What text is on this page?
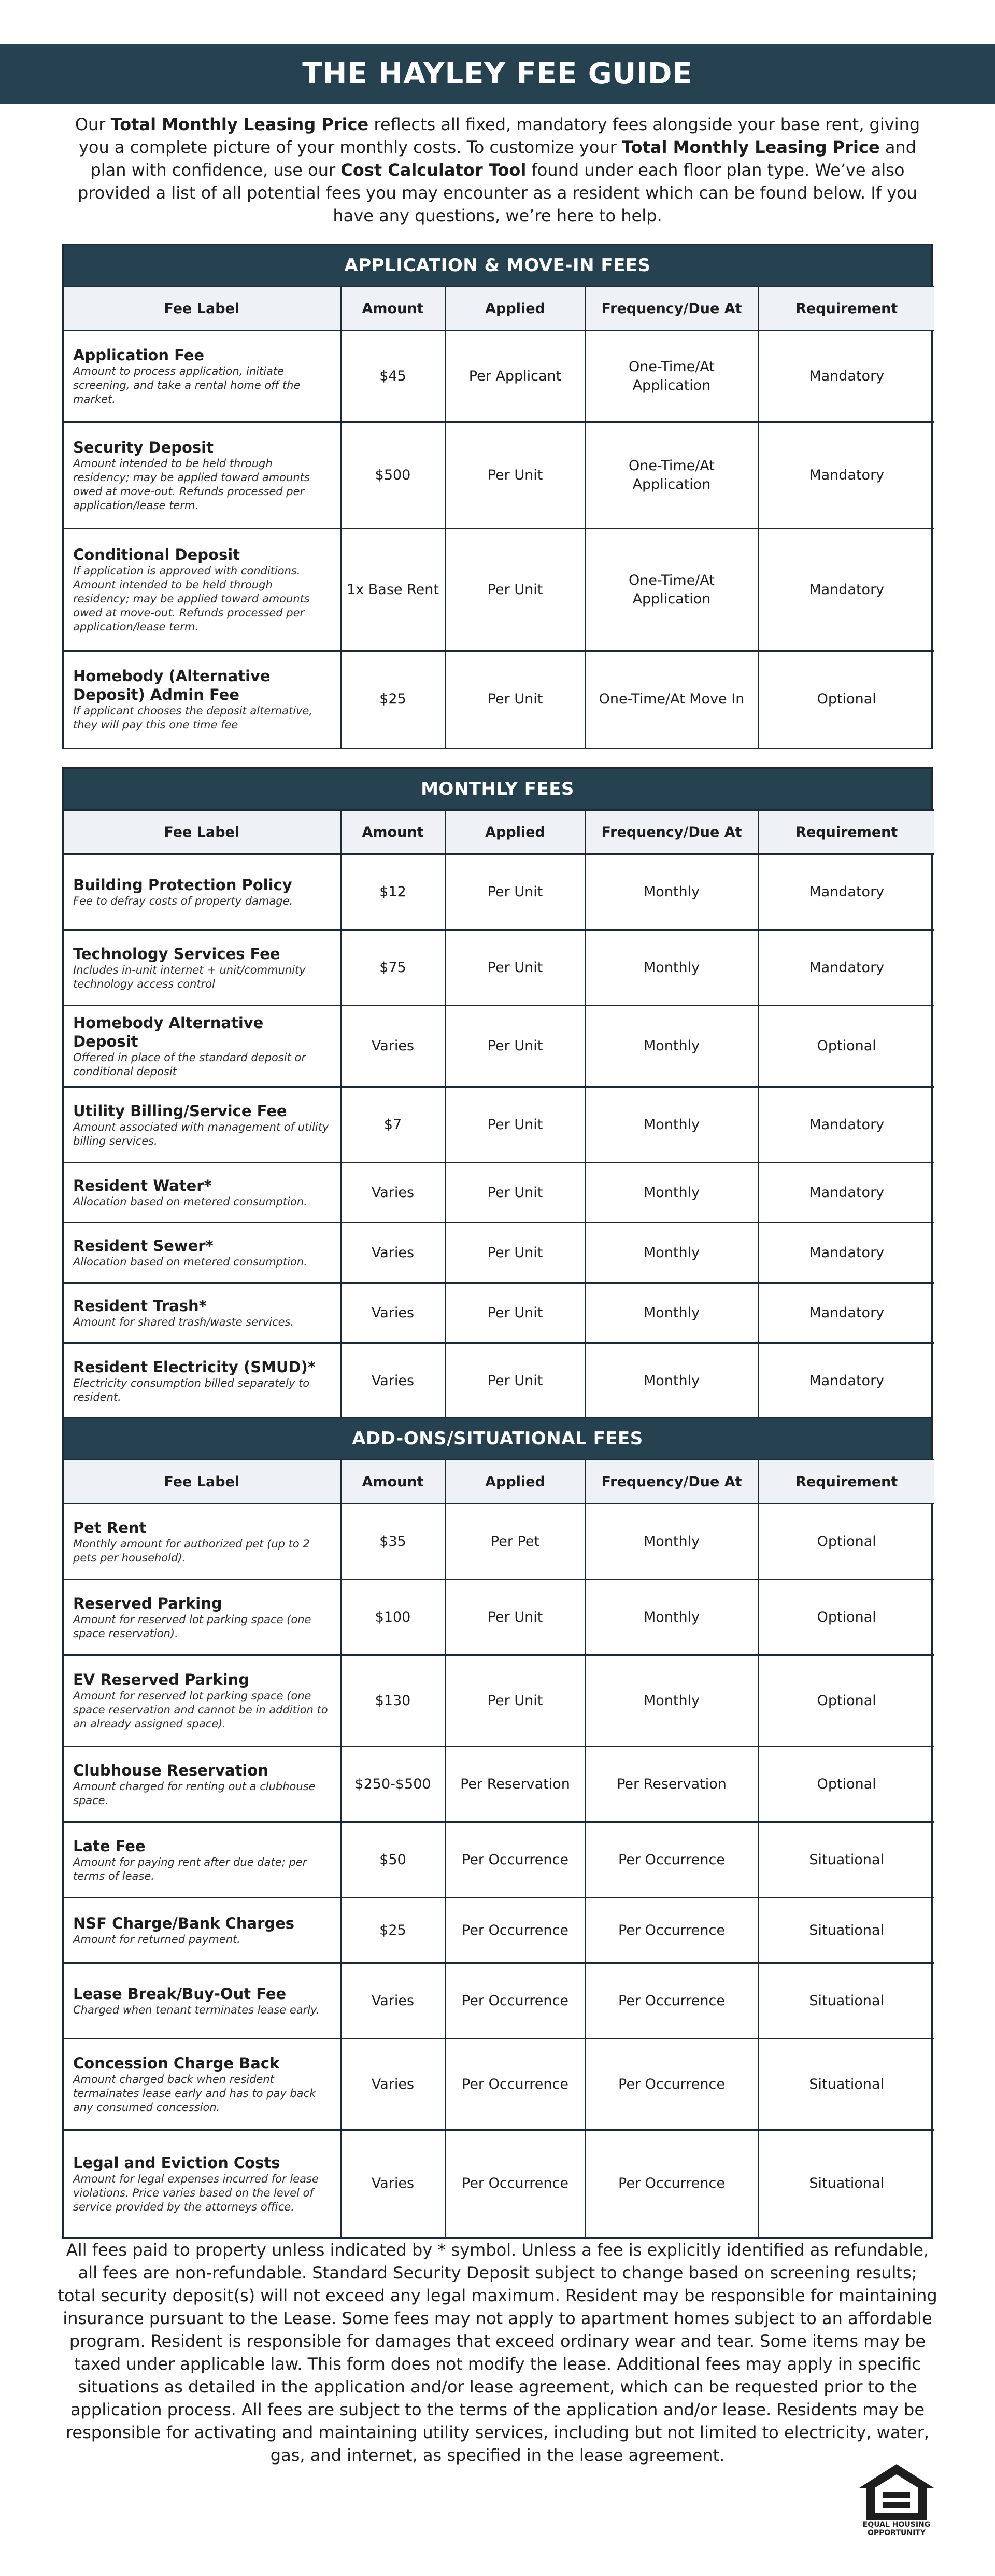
THE HAYLEY FEE GUIDE
Our Total Monthly Leasing Price reflects all fixed, mandatory fees alongside your base rent, giving you a complete picture of your monthly costs. To customize your Total Monthly Leasing Price and plan with confidence, use our Cost Calculator Tool found under each floor plan type. We’ve also provided a list of all potential fees you may encounter as a resident which can be found below. If you have any questions, we’re here to help.
APPLICATION & MOVE-IN FEES
Fee Label	Amount	Applied	Frequency/Due At	Requirement

Application Fee
Amount to process application, initiate screening, and take a rental home off the market.	$45	Per Applicant	One-Time/At Application	Mandatory

Security Deposit
Amount intended to be held through residency; may be applied toward amounts owed at move-out. Refunds processed per application/lease term.	$500	Per Unit	One-Time/At Application	Mandatory

Conditional Deposit
If application is approved with conditions. Amount intended to be held through residency; may be applied toward amounts owed at move-out. Refunds processed per application/lease term.	1x Base Rent	Per Unit	One-Time/At Application	Mandatory

Homebody (Alternative Deposit) Admin Fee
If applicant chooses the deposit alternative, they will pay this one time fee	$25	Per Unit	One-Time/At Move In	Optional
MONTHLY FEES
Fee Label	Amount	Applied	Frequency/Due At	Requirement

Building Protection Policy
Fee to defray costs of property damage.	$12	Per Unit	Monthly	Mandatory

Technology Services Fee
Includes in-unit internet + unit/community technology access control	$75	Per Unit	Monthly	Mandatory

Homebody Alternative Deposit
Offered in place of the standard deposit or conditional deposit	Varies	Per Unit	Monthly	Optional

Utility Billing/Service Fee
Amount associated with management of utility billing services.	$7	Per Unit	Monthly	Mandatory

Resident Water*
Allocation based on metered consumption.	Varies	Per Unit	Monthly	Mandatory

Resident Sewer*
Allocation based on metered consumption.	Varies	Per Unit	Monthly	Mandatory

Resident Trash*
Amount for shared trash/waste services.	Varies	Per Unit	Monthly	Mandatory

Resident Electricity (SMUD)*
Electricity consumption billed separately to resident.	Varies	Per Unit	Monthly	Mandatory
ADD-ONS/SITUATIONAL FEES
Fee Label	Amount	Applied	Frequency/Due At	Requirement

Pet Rent
Monthly amount for authorized pet (up to 2 pets per household).	$35	Per Pet	Monthly	Optional

Reserved Parking
Amount for reserved lot parking space (one space reservation).	$100	Per Unit	Monthly	Optional

EV Reserved Parking
Amount for reserved lot parking space (one space reservation and cannot be in addition to an already assigned space).	$130	Per Unit	Monthly	Optional

Clubhouse Reservation
Amount charged for renting out a clubhouse space.	$250-$500	Per Reservation	Per Reservation	Optional

Late Fee
Amount for paying rent after due date; per terms of lease.	$50	Per Occurrence	Per Occurrence	Situational

NSF Charge/Bank Charges
Amount for returned payment.	$25	Per Occurrence	Per Occurrence	Situational

Lease Break/Buy-Out Fee
Charged when tenant terminates lease early.	Varies	Per Occurrence	Per Occurrence	Situational

Concession Charge Back
Amount charged back when resident termainates lease early and has to pay back any consumed concession.	Varies	Per Occurrence	Per Occurrence	Situational

Legal and Eviction Costs
Amount for legal expenses incurred for lease violations. Price varies based on the level of service provided by the attorneys office.	Varies	Per Occurrence	Per Occurrence	Situational
All fees paid to property unless indicated by * symbol. Unless a fee is explicitly identified as refundable, all fees are non-refundable. Standard Security Deposit subject to change based on screening results; total security deposit(s) will not exceed any legal maximum. Resident may be responsible for maintaining insurance pursuant to the Lease. Some fees may not apply to apartment homes subject to an affordable program. Resident is responsible for damages that exceed ordinary wear and tear. Some items may be taxed under applicable law. This form does not modify the lease. Additional fees may apply in specific situations as detailed in the application and/or lease agreement, which can be requested prior to the application process. All fees are subject to the terms of the application and/or lease. Residents may be responsible for activating and maintaining utility services, including but not limited to electricity, water, gas, and internet, as specified in the lease agreement.
EQUAL HOUSING
OPPORTUNITY
